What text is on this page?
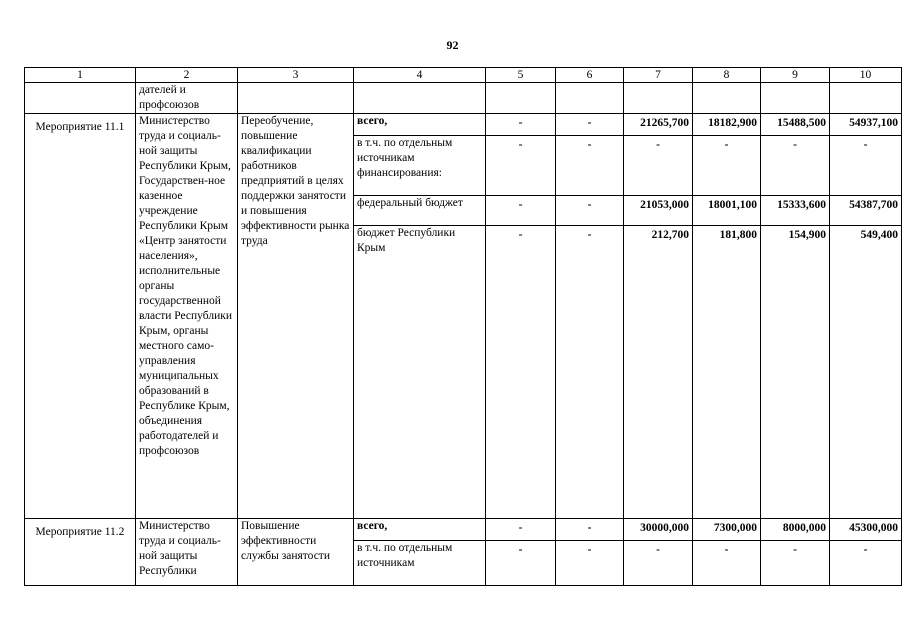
92
1	2	3	4	5	6	7	8	9	10
	дателей и профсоюзов								
Мероприятие 11.1	Министерство труда и социаль-ной защиты Республики Крым, Государствен-ное казенное учреждение Республики Крым «Центр занятости населения», исполнительные органы государственной власти Республики Крым, органы местного само-управления муниципальных образований в Республике Крым, объединения работодателей и профсоюзов	Переобучение, повышение квалификации работников предприятий в целях поддержки занятости и повышения эффективности рынка труда	всего,	-	-	21265,700	18182,900	15488,500	54937,100
			в т.ч. по отдельным источникам финансирования:	-	-	-	-	-	-
			федеральный бюджет	-	-	21053,000	18001,100	15333,600	54387,700
			бюджет Республики Крым	-	-	212,700	181,800	154,900	549,400
Мероприятие 11.2	Министерство труда и социаль-ной защиты Республики	Повышение эффективности службы занятости	всего,	-	-	30000,000	7300,000	8000,000	45300,000
			в т.ч. по отдельным источникам	-	-	-	-	-	-
